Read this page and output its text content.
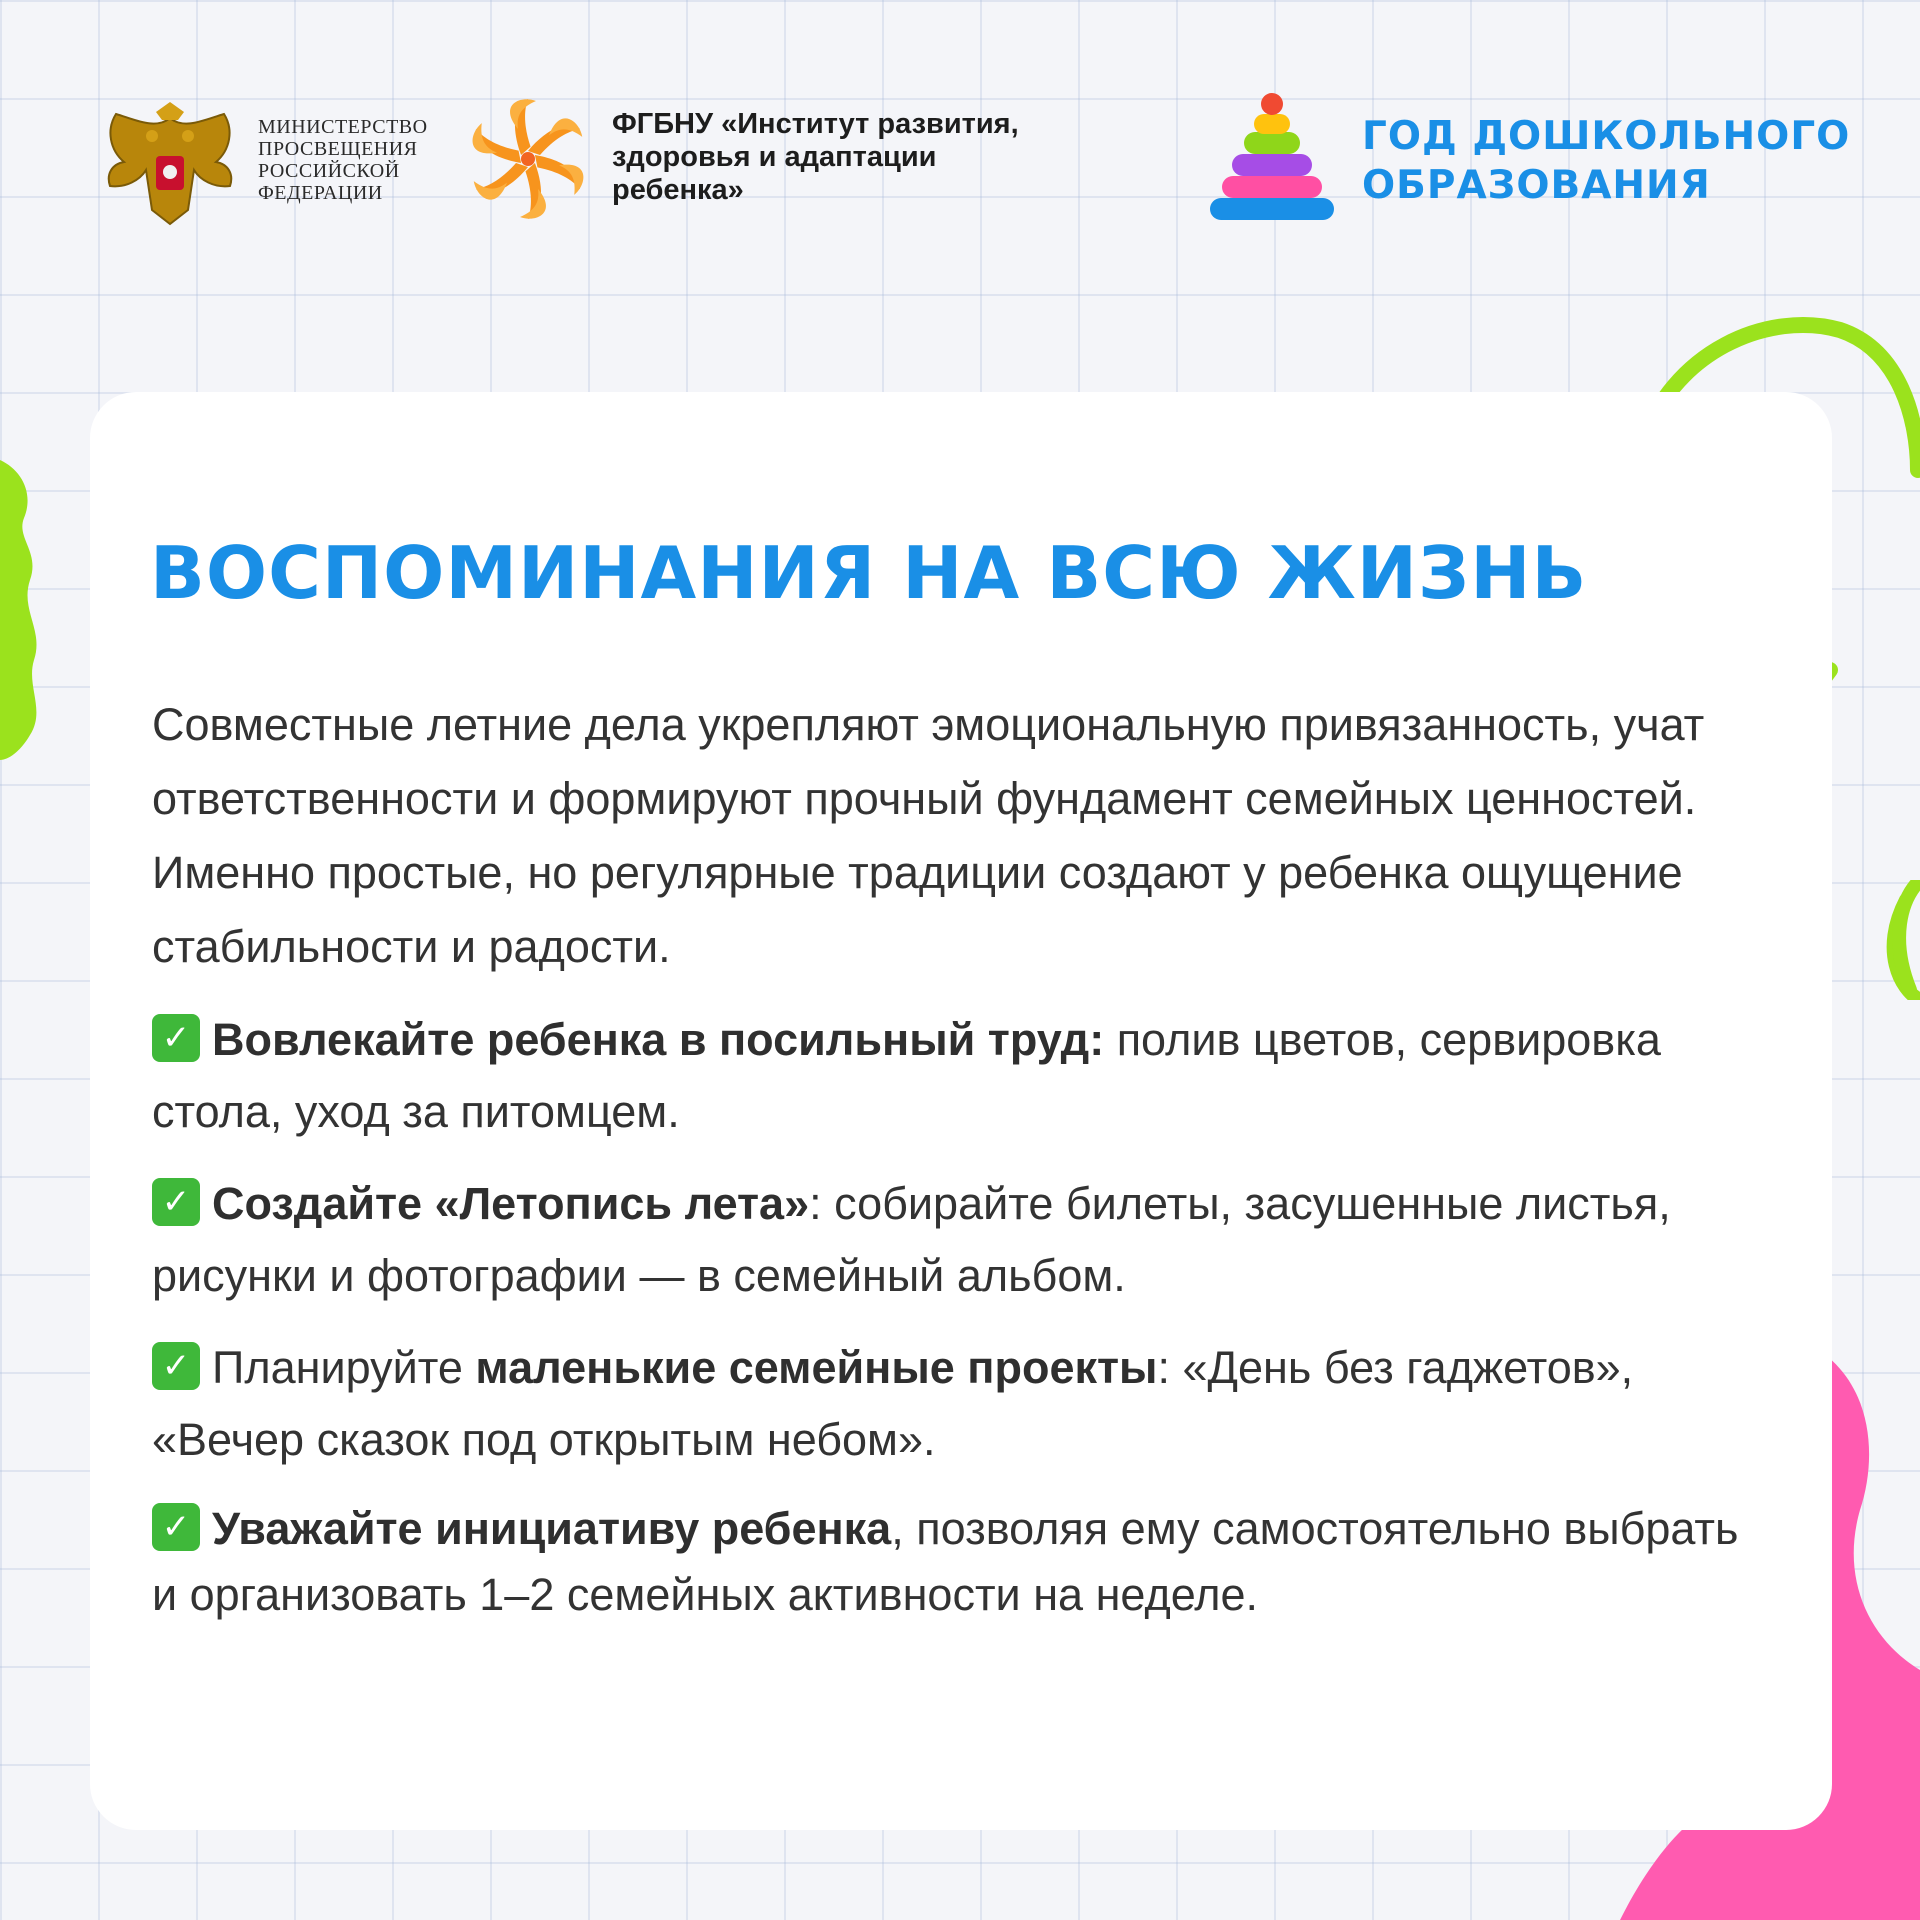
МИНИСТЕРСТВО
ПРОСВЕЩЕНИЯ
РОССИЙСКОЙ
ФЕДЕРАЦИИ
ФГБНУ «Институт развития,
здоровья и адаптации
ребенка»
ГОД ДОШКОЛЬНОГО
ОБРАЗОВАНИЯ
ВОСПОМИНАНИЯ НА ВСЮ ЖИЗНЬ

Совместные летние дела укрепляют эмоциональную привязанность, учат ответственности и формируют прочный фундамент семейных ценностей. Именно простые, но регулярные традиции создают у ребенка ощущение стабильности и радости.

✓ Вовлекайте ребенка в посильный труд: полив цветов, сервировка стола, уход за питомцем.

✓ Создайте «Летопись лета»: собирайте билеты, засушенные листья, рисунки и фотографии — в семейный альбом.

✓ Планируйте маленькие семейные проекты: «День без гаджетов», «Вечер сказок под открытым небом».

✓ Уважайте инициативу ребенка, позволяя ему самостоятельно выбрать и организовать 1–2 семейных активности на неделе.
